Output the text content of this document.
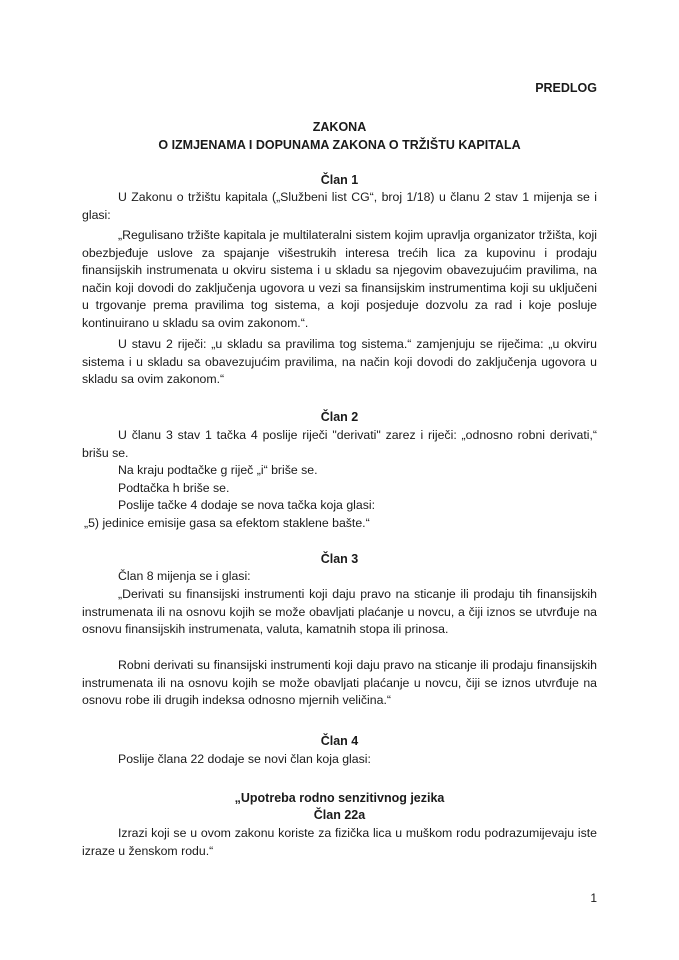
PREDLOG
ZAKONA
O IZMJENAMA I DOPUNAMA ZAKONA O TRŽIŠTU KAPITALA
Član 1
U Zakonu o tržištu kapitala („Službeni list CG“, broj 1/18) u članu 2 stav 1 mijenja se i glasi:
„Regulisano tržište kapitala je multilateralni sistem kojim upravlja organizator tržišta, koji obezbjeđuje uslove za spajanje višestrukih interesa trećih lica za kupovinu i prodaju finansijskih instrumenata u okviru sistema i u skladu sa njegovim obavezujućim pravilima, na način koji dovodi do zaključenja ugovora u vezi sa finansijskim instrumentima koji su uključeni u trgovanje prema pravilima tog sistema, a koji posjeduje dozvolu za rad i koje posluje kontinuirano u skladu sa ovim zakonom.“.
U stavu 2 riječi: „u skladu sa pravilima tog sistema.“ zamjenjuju se riječima: „u okviru sistema i u skladu sa obavezujućim pravilima, na način koji dovodi do zaključenja ugovora u skladu sa ovim zakonom.“
Član 2
U članu 3 stav 1 tačka 4 poslije riječi "derivati" zarez i riječi: „odnosno robni derivati,“ brišu se.
Na kraju podtačke g riječ „i“ briše se.
Podtačka h briše se.
Poslije tačke 4 dodaje se nova tačka koja glasi:
„5) jedinice emisije gasa sa efektom staklene bašte.“
Član 3
Član 8 mijenja se i glasi:
„Derivati su finansijski instrumenti koji daju pravo na sticanje ili prodaju tih finansijskih instrumenata ili na osnovu kojih se može obavljati plaćanje u novcu, a čiji iznos se utvrđuje na osnovu finansijskih instrumenata, valuta, kamatnih stopa ili prinosa.
Robni derivati su finansijski instrumenti koji daju pravo na sticanje ili prodaju finansijskih instrumenata ili na osnovu kojih se može obavljati plaćanje u novcu, čiji se iznos utvrđuje na osnovu robe ili drugih indeksa odnosno mjernih veličina.“
Član 4
Poslije člana 22 dodaje se novi član koja glasi:
„Upotreba rodno senzitivnog jezika
Član 22a
Izrazi koji se u ovom zakonu koriste za fizička lica u muškom rodu podrazumijevaju iste izraze u ženskom rodu.“
1
